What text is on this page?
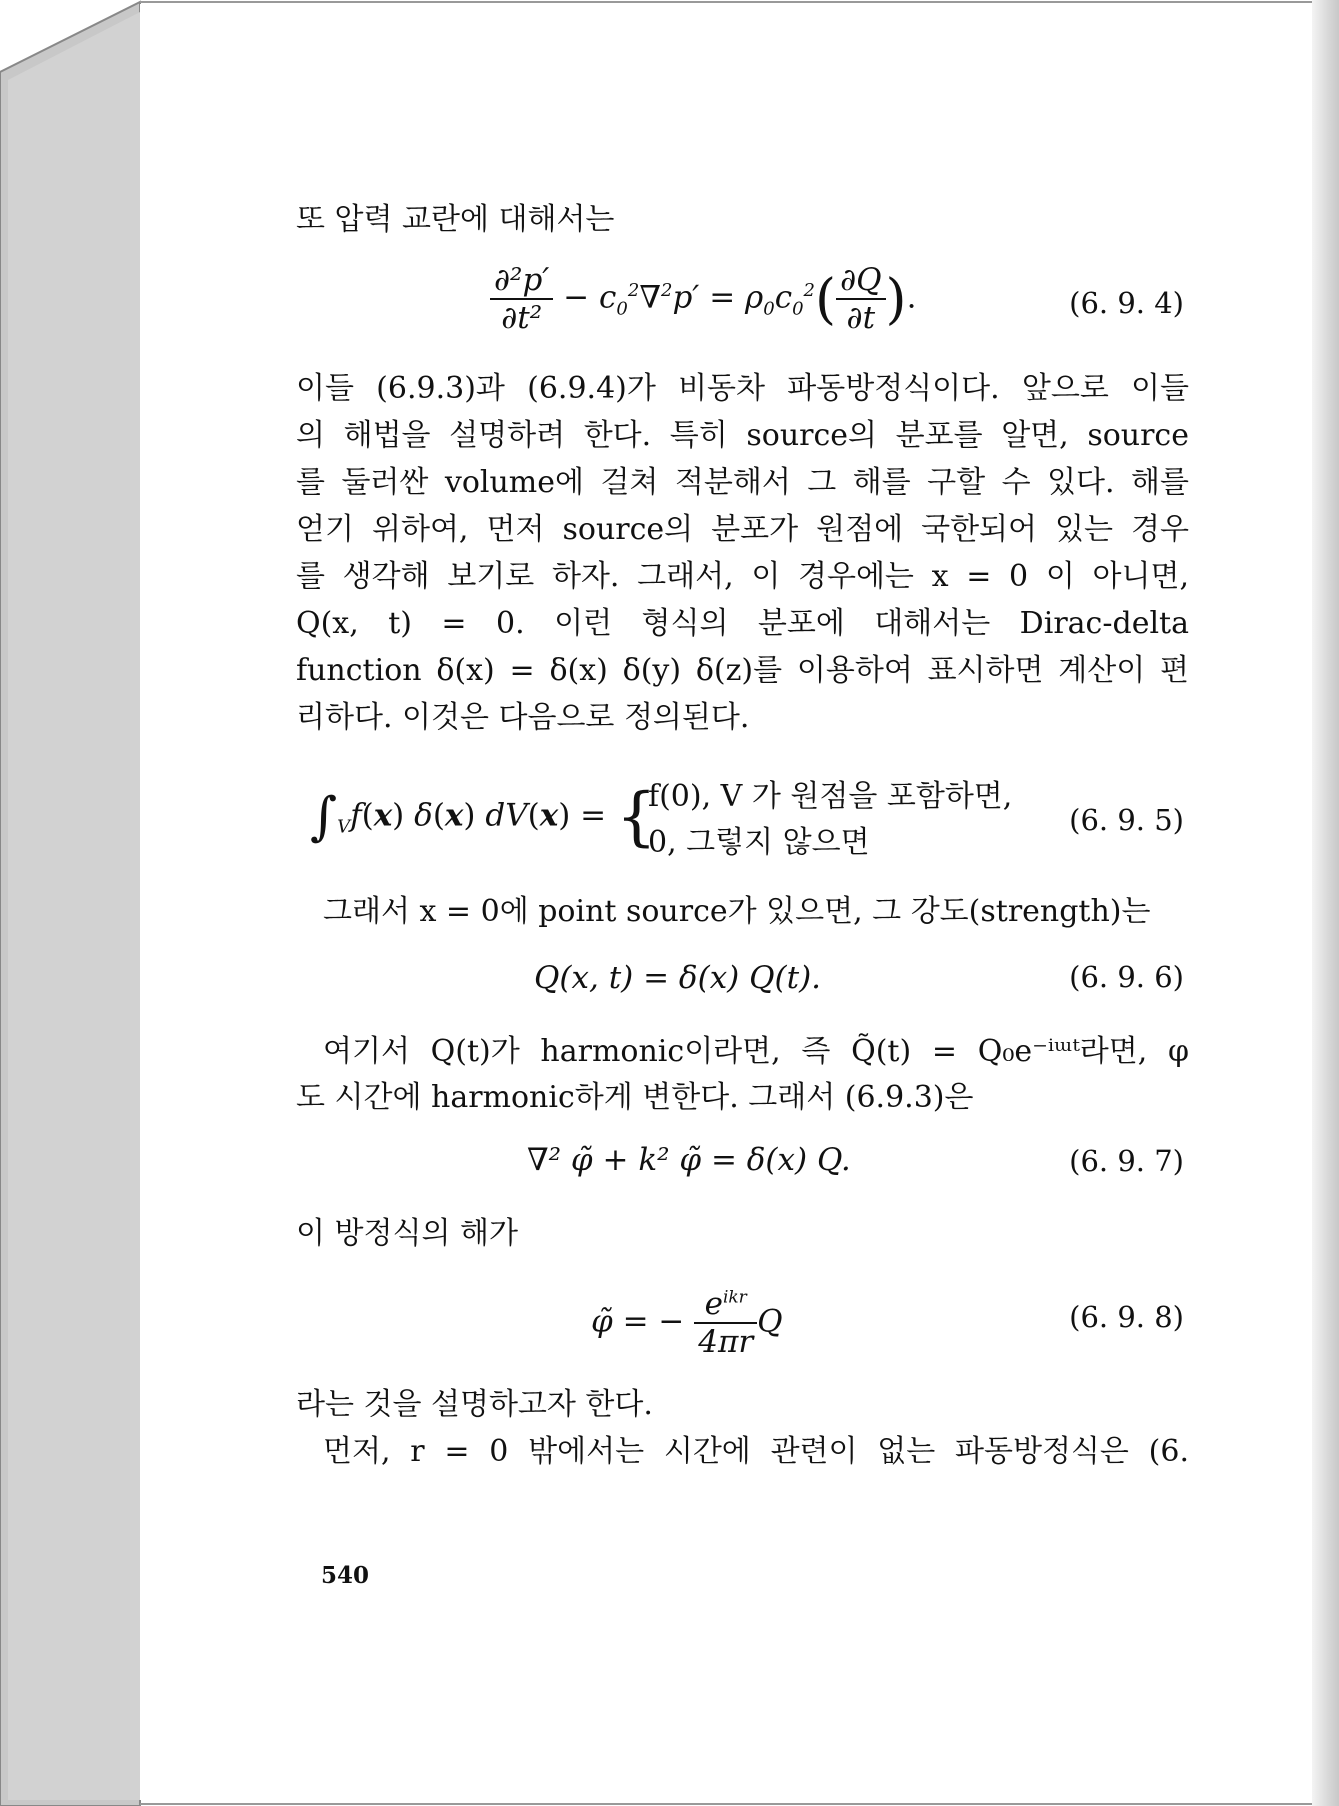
또 압력 교란에 대해서는
$\frac{\text{∂²p′}}{\text{∂t²}} - c_0^2\nabla^2p' = \rho_0c_0^2( \frac{\partial Q}{\partial t}$ ).	(6. 9. 4)
이들 (6.9.3)과 (6.9.4)가 비동차 파동방정식이다. 앞으로 이들
의 해법을 설명하려 한다. 특히 source의 분포를 알면, source
를 둘러싼 volume에 걸쳐 적분해서 그 해를 구할 수 있다. 해를
얻기 위하여, 먼저 source의 분포가 원점에 국한되어 있는 경우
를 생각해 보기로 하자. 그래서, 이 경우에는 x = 0 이 아니면,
Q(x, t) = 0. 이런 형식의 분포에 대해서는 Dirac-delta
function δ(x) = δ(x) δ(y) δ(z)를 이용하여 표시하면 계산이 편
리하다. 이것은 다음으로 정의된다.
$\int_Vf(x)$ δ(x) dV(x) = {
f(0), V 가 원점을 포함하면,
0, 그렇지 않으면
(6. 9. 5)
그래서 x = 0에 point source가 있으면, 그 강도(strength)는
Q(x, t) = δ(x) Q(t).	(6. 9. 6)
여기서 Q(t)가 harmonic이라면, 즉 Q̃(t) = Q₀e⁻ⁱᵚᵗ라면, φ
도 시간에 harmonic하게 변한다. 그래서 (6.9.3)은
∇² φ̃ + k² φ̃ = δ(x) Q.	(6. 9. 7)
이 방정식의 해가
φ̃ = − $\frac{e^{ikr}}{4\pi r}$ Q	(6. 9. 8)
라는 것을 설명하고자 한다.
먼저, r = 0 밖에서는 시간에 관련이 없는 파동방정식은 (6.
540
